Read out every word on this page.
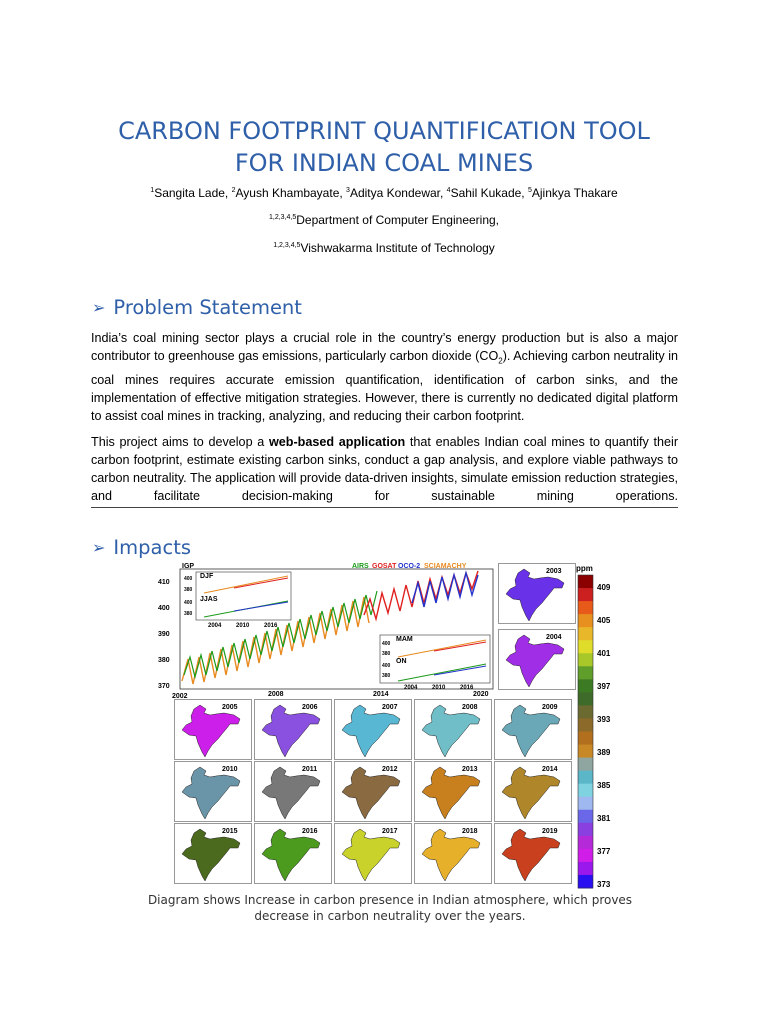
CARBON FOOTPRINT QUANTIFICATION TOOL
FOR INDIAN COAL MINES
$^1$Sangita Lade, $^2$Ayush Khambayate, $^3$Aditya Kondewar, $^4$Sahil Kukade, $^5$Ajinkya Thakare
$^{1,2,3,4,5}$Department of Computer Engineering,
$^{1,2,3,4,5}$Vishwakarma Institute of Technology
➢ Problem Statement
India’s coal mining sector plays a crucial role in the country’s energy production but is also a major contributor to greenhouse gas emissions, particularly carbon dioxide $(CO_2)$. Achieving carbon neutrality in coal mines requires accurate emission quantification, identification of carbon sinks, and the implementation of effective mitigation strategies. However, there is currently no dedicated digital platform to assist coal mines in tracking, analyzing, and reducing their carbon footprint.
This project aims to develop a web-based application that enables Indian coal mines to quantify their carbon footprint, estimate existing carbon sinks, conduct a gap analysis, and explore viable pathways to carbon neutrality. The application will provide data-driven insights, simulate emission reduction strategies, and facilitate decision-making for sustainable mining operations.
➢ Impacts
IGP	AIRS GOSAT OCO-2 SCIAMACHY
410
400
390
380
370
2002	2008	2014	2020
DJF
JJAS
400
380
400
380
2004 2010 2016
MAM
ON
400
380
400
380
2004 2010 2016
2003
2004
2005	2006	2007	2008	2009
2010	2011	2012	2013	2014
2015	2016	2017	2018	2019
ppm
409
405
401
397
393
389
385
381
377
373
Diagram shows Increase in carbon presence in Indian atmosphere, which proves
decrease in carbon neutrality over the years.
